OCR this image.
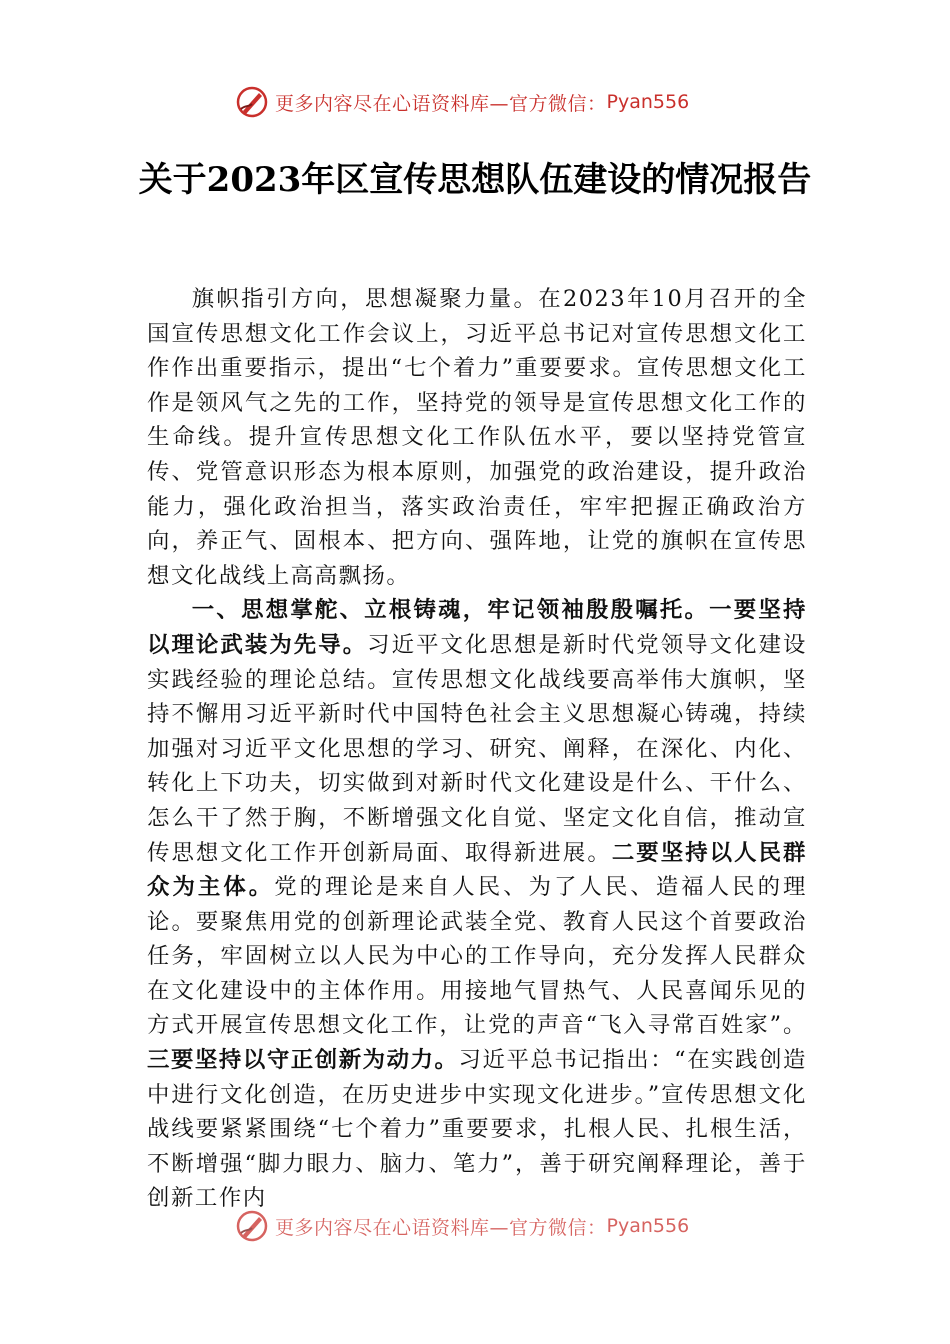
更多内容尽在心语资料库—官方微信： Pyan556
关于2023年区宣传思想队伍建设的情况报告

旗帜指引方向，思想凝聚力量。在2023年10月召开的全国宣传思想文化工作会议上，习近平总书记对宣传思想文化工作作出重要指示，提出“七个着力”重要要求。宣传思想文化工作是领风气之先的工作，坚持党的领导是宣传思想文化工作的生命线。提升宣传思想文化工作队伍水平，要以坚持党管宣传、党管意识形态为根本原则，加强党的政治建设，提升政治能力，强化政治担当，落实政治责任，牢牢把握正确政治方向，养正气、固根本、把方向、强阵地，让党的旗帜在宣传思想文化战线上高高飘扬。

一、思想掌舵、立根铸魂，牢记领袖殷殷嘱托。一要坚持以理论武装为先导。习近平文化思想是新时代党领导文化建设实践经验的理论总结。宣传思想文化战线要高举伟大旗帜，坚持不懈用习近平新时代中国特色社会主义思想凝心铸魂，持续加强对习近平文化思想的学习、研究、阐释，在深化、内化、转化上下功夫，切实做到对新时代文化建设是什么、干什么、怎么干了然于胸，不断增强文化自觉、坚定文化自信，推动宣传思想文化工作开创新局面、取得新进展。二要坚持以人民群众为主体。党的理论是来自人民、为了人民、造福人民的理论。要聚焦用党的创新理论武装全党、教育人民这个首要政治任务，牢固树立以人民为中心的工作导向，充分发挥人民群众在文化建设中的主体作用。用接地气冒热气、人民喜闻乐见的方式开展宣传思想文化工作，让党的声音“飞入寻常百姓家”。三要坚持以守正创新为动力。习近平总书记指出：“在实践创造中进行文化创造，在历史进步中实现文化进步。”宣传思想文化战线要紧紧围绕“七个着力”重要要求，扎根人民、扎根生活，不断增强“脚力眼力、脑力、笔力”，善于研究阐释理论，善于创新工作内

更多内容尽在心语资料库—官方微信： Pyan556
